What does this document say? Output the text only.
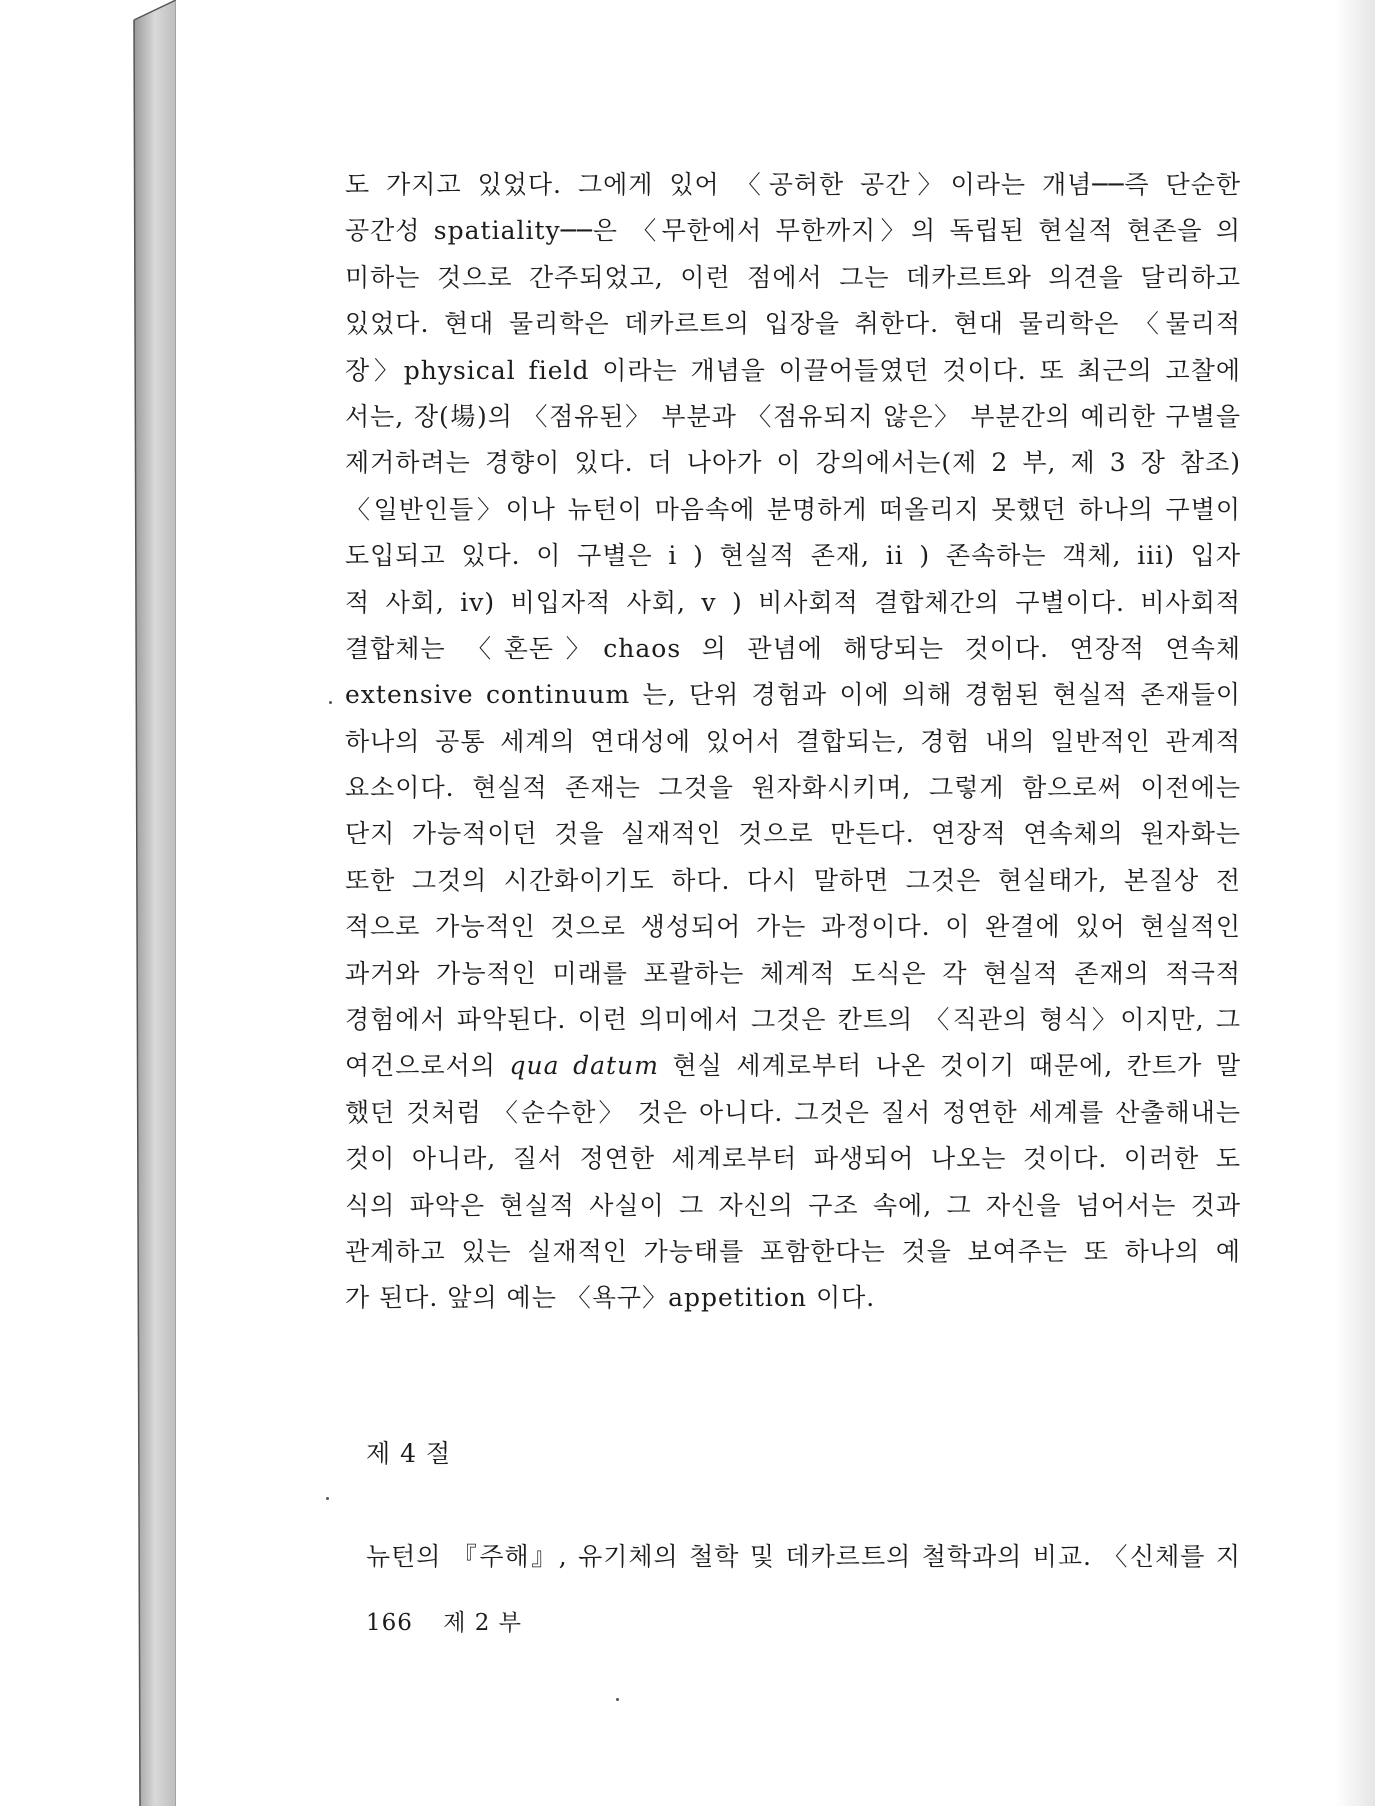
도 가지고 있었다. 그에게 있어 〈공허한 공간〉이라는 개념──즉 단순한
공간성 spatiality──은 〈무한에서 무한까지〉의 독립된 현실적 현존을 의
미하는 것으로 간주되었고, 이런 점에서 그는 데카르트와 의견을 달리하고
있었다. 현대 물리학은 데카르트의 입장을 취한다. 현대 물리학은 〈물리적
장〉physical field 이라는 개념을 이끌어들였던 것이다. 또 최근의 고찰에
서는, 장(場)의 〈점유된〉 부분과 〈점유되지 않은〉 부분간의 예리한 구별을
제거하려는 경향이 있다. 더 나아가 이 강의에서는(제 2 부, 제 3 장 참조)
〈일반인들〉이나 뉴턴이 마음속에 분명하게 떠올리지 못했던 하나의 구별이
도입되고 있다. 이 구별은 i ) 현실적 존재, ii ) 존속하는 객체, iii) 입자
적 사회, iv) 비입자적 사회, v ) 비사회적 결합체간의 구별이다. 비사회적
결합체는 〈혼돈〉chaos 의 관념에 해당되는 것이다. 연장적 연속체
extensive continuum 는, 단위 경험과 이에 의해 경험된 현실적 존재들이
하나의 공통 세계의 연대성에 있어서 결합되는, 경험 내의 일반적인 관계적
요소이다. 현실적 존재는 그것을 원자화시키며, 그렇게 함으로써 이전에는
단지 가능적이던 것을 실재적인 것으로 만든다. 연장적 연속체의 원자화는
또한 그것의 시간화이기도 하다. 다시 말하면 그것은 현실태가, 본질상 전
적으로 가능적인 것으로 생성되어 가는 과정이다. 이 완결에 있어 현실적인
과거와 가능적인 미래를 포괄하는 체계적 도식은 각 현실적 존재의 적극적
경험에서 파악된다. 이런 의미에서 그것은 칸트의 〈직관의 형식〉이지만, 그
여건으로서의 qua datum 현실 세계로부터 나온 것이기 때문에, 칸트가 말
했던 것처럼 〈순수한〉 것은 아니다. 그것은 질서 정연한 세계를 산출해내는
것이 아니라, 질서 정연한 세계로부터 파생되어 나오는 것이다. 이러한 도
식의 파악은 현실적 사실이 그 자신의 구조 속에, 그 자신을 넘어서는 것과
관계하고 있는 실재적인 가능태를 포함한다는 것을 보여주는 또 하나의 예
가 된다. 앞의 예는 〈욕구〉appetition 이다.
제 4 절
뉴턴의 『주해』, 유기체의 철학 및 데카르트의 철학과의 비교. 〈신체를 지
166 제 2 부
